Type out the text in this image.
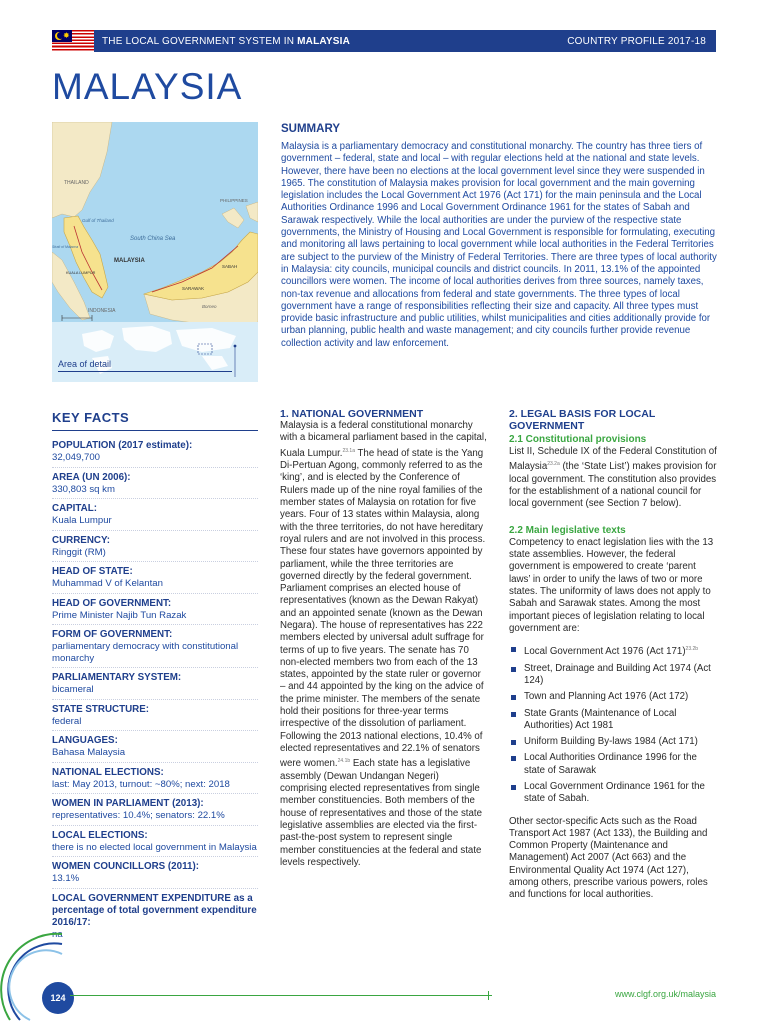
✸	THE LOCAL GOVERNMENT SYSTEM IN MALAYSIA	COUNTRY PROFILE 2017-18
MALAYSIA
THAILAND
Gulf of Thailand
South China Sea
MALAYSIA
PHILIPPINES
INDONESIA
KUALA LUMPUR
SABAH
SARAWAK
Borneo
Strait of Malacca
Area of detail
SUMMARY

Malaysia is a parliamentary democracy and constitutional monarchy. The country has three tiers of government – federal, state and local – with regular elections held at the national and state levels. However, there have been no elections at the local government level since they were suspended in 1965. The constitution of Malaysia makes provision for local government and the main governing legislation includes the Local Government Act 1976 (Act 171) for the main peninsula and the Local Authorities Ordinance 1996 and Local Government Ordinance 1961 for the states of Sabah and Sarawak respectively. While the local authorities are under the purview of the respective state governments, the Ministry of Housing and Local Government is responsible for formulating, executing and monitoring all laws pertaining to local government while local authorities in the Federal Territories are subject to the purview of the Ministry of Federal Territories. There are three types of local authority in Malaysia: city councils, municipal councils and district councils. In 2011, 13.1% of the appointed councillors were women. The income of local authorities derives from three sources, namely taxes, non-tax revenue and allocations from federal and state governments. The three types of local government have a range of responsibilities reflecting their size and capacity. All three types must provide basic infrastructure and public utilities, whilst municipalities and cities additionally provide for urban planning, public health and waste management; and city councils further provide revenue collection activity and law enforcement.

KEY FACTS
POPULATION (2017 estimate):
32,049,700
AREA (UN 2006):
330,803 sq km
CAPITAL:
Kuala Lumpur
CURRENCY:
Ringgit (RM)
HEAD OF STATE:
Muhammad V of Kelantan
HEAD OF GOVERNMENT:
Prime Minister Najib Tun Razak
FORM OF GOVERNMENT:
parliamentary democracy with constitutional monarchy
PARLIAMENTARY SYSTEM:
bicameral
STATE STRUCTURE:
federal
LANGUAGES:
Bahasa Malaysia
NATIONAL ELECTIONS:
last: May 2013, turnout: ~80%; next: 2018
WOMEN IN PARLIAMENT (2013):
representatives: 10.4%; senators: 22.1%
LOCAL ELECTIONS:
there is no elected local government in Malaysia
WOMEN COUNCILLORS (2011):
13.1%
LOCAL GOVERNMENT EXPENDITURE as a percentage of total government expenditure 2016/17:
na
1. NATIONAL GOVERNMENT

Malaysia is a federal constitutional monarchy with a bicameral parliament based in the capital, Kuala Lumpur.$^{23.1a}$ The head of state is the Yang Di-Pertuan Agong, commonly referred to as the ‘king’, and is elected by the Conference of Rulers made up of the nine royal families of the member states of Malaysia on rotation for five years. Four of 13 states within Malaysia, along with the three territories, do not have hereditary royal rulers and are not involved in this process. These four states have governors appointed by parliament, while the three territories are governed directly by the federal government. Parliament comprises an elected house of representatives (known as the Dewan Rakyat) and an appointed senate (known as the Dewan Negara). The house of representatives has 222 members elected by universal adult suffrage for terms of up to five years. The senate has 70 non-elected members two from each of the 13 states, appointed by the state ruler or governor – and 44 appointed by the king on the advice of the prime minister. The members of the senate hold their positions for three-year terms irrespective of the dissolution of parliament. Following the 2013 national elections, 10.4% of elected representatives and 22.1% of senators were women.$^{24.1b}$ Each state has a legislative assembly (Dewan Undangan Negeri) comprising elected representatives from single member constituencies. Both members of the house of representatives and those of the state legislative assemblies are elected via the first-past-the-post system to represent single member constituencies at the federal and state levels respectively.

2. LEGAL BASIS FOR LOCAL GOVERNMENT
2.1 Constitutional provisions

List II, Schedule IX of the Federal Constitution of Malaysia$^{23.2a}$ (the ‘State List’) makes provision for local government. The constitution also provides for the establishment of a national council for local government (see Section 7 below).

2.2 Main legislative texts

Competency to enact legislation lies with the 13 state assemblies. However, the federal government is empowered to create ‘parent laws’ in order to unify the laws of two or more states. The uniformity of laws does not apply to Sabah and Sarawak states. Among the most important pieces of legislation relating to local government are:

Local Government Act 1976 (Act 171)$^{23.2b}$
Street, Drainage and Building Act 1974 (Act 124)
Town and Planning Act 1976 (Act 172)
State Grants (Maintenance of Local Authorities) Act 1981
Uniform Building By-laws 1984 (Act 171)
Local Authorities Ordinance 1996 for the state of Sarawak
Local Government Ordinance 1961 for the state of Sabah.

Other sector-specific Acts such as the Road Transport Act 1987 (Act 133), the Building and Common Property (Maintenance and Management) Act 2007 (Act 663) and the Environmental Quality Act 1974 (Act 127), among others, prescribe various powers, roles and functions for local authorities.

124	www.clgf.org.uk/malaysia
